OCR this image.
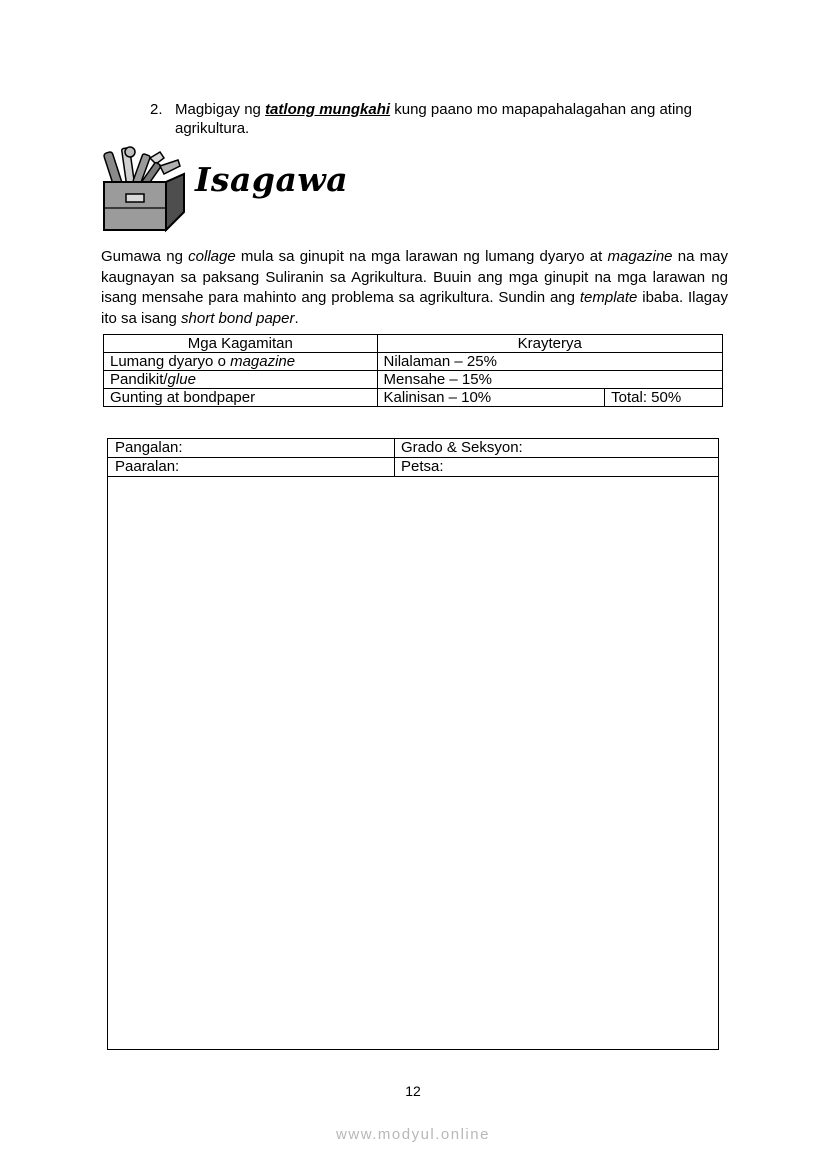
2. Magbigay ng tatlong mungkahi kung paano mo mapapahalagahan ang ating agrikultura.
Isagawa
Gumawa ng collage mula sa ginupit na mga larawan ng lumang dyaryo at magazine na may kaugnayan sa paksang Suliranin sa Agrikultura. Buuin ang mga ginupit na mga larawan ng isang mensahe para mahinto ang problema sa agrikultura. Sundin ang template ibaba. Ilagay ito sa isang short bond paper.
Mga Kagamitan	Krayterya	
Lumang dyaryo o magazine	Nilalaman – 25%	
Pandikit/glue	Mensahe – 15%	
Gunting at bondpaper	Kalinisan – 10%	Total: 50%
Pangalan:	Grado & Seksyon:
Paaralan:	Petsa:
12
www.modyul.online
